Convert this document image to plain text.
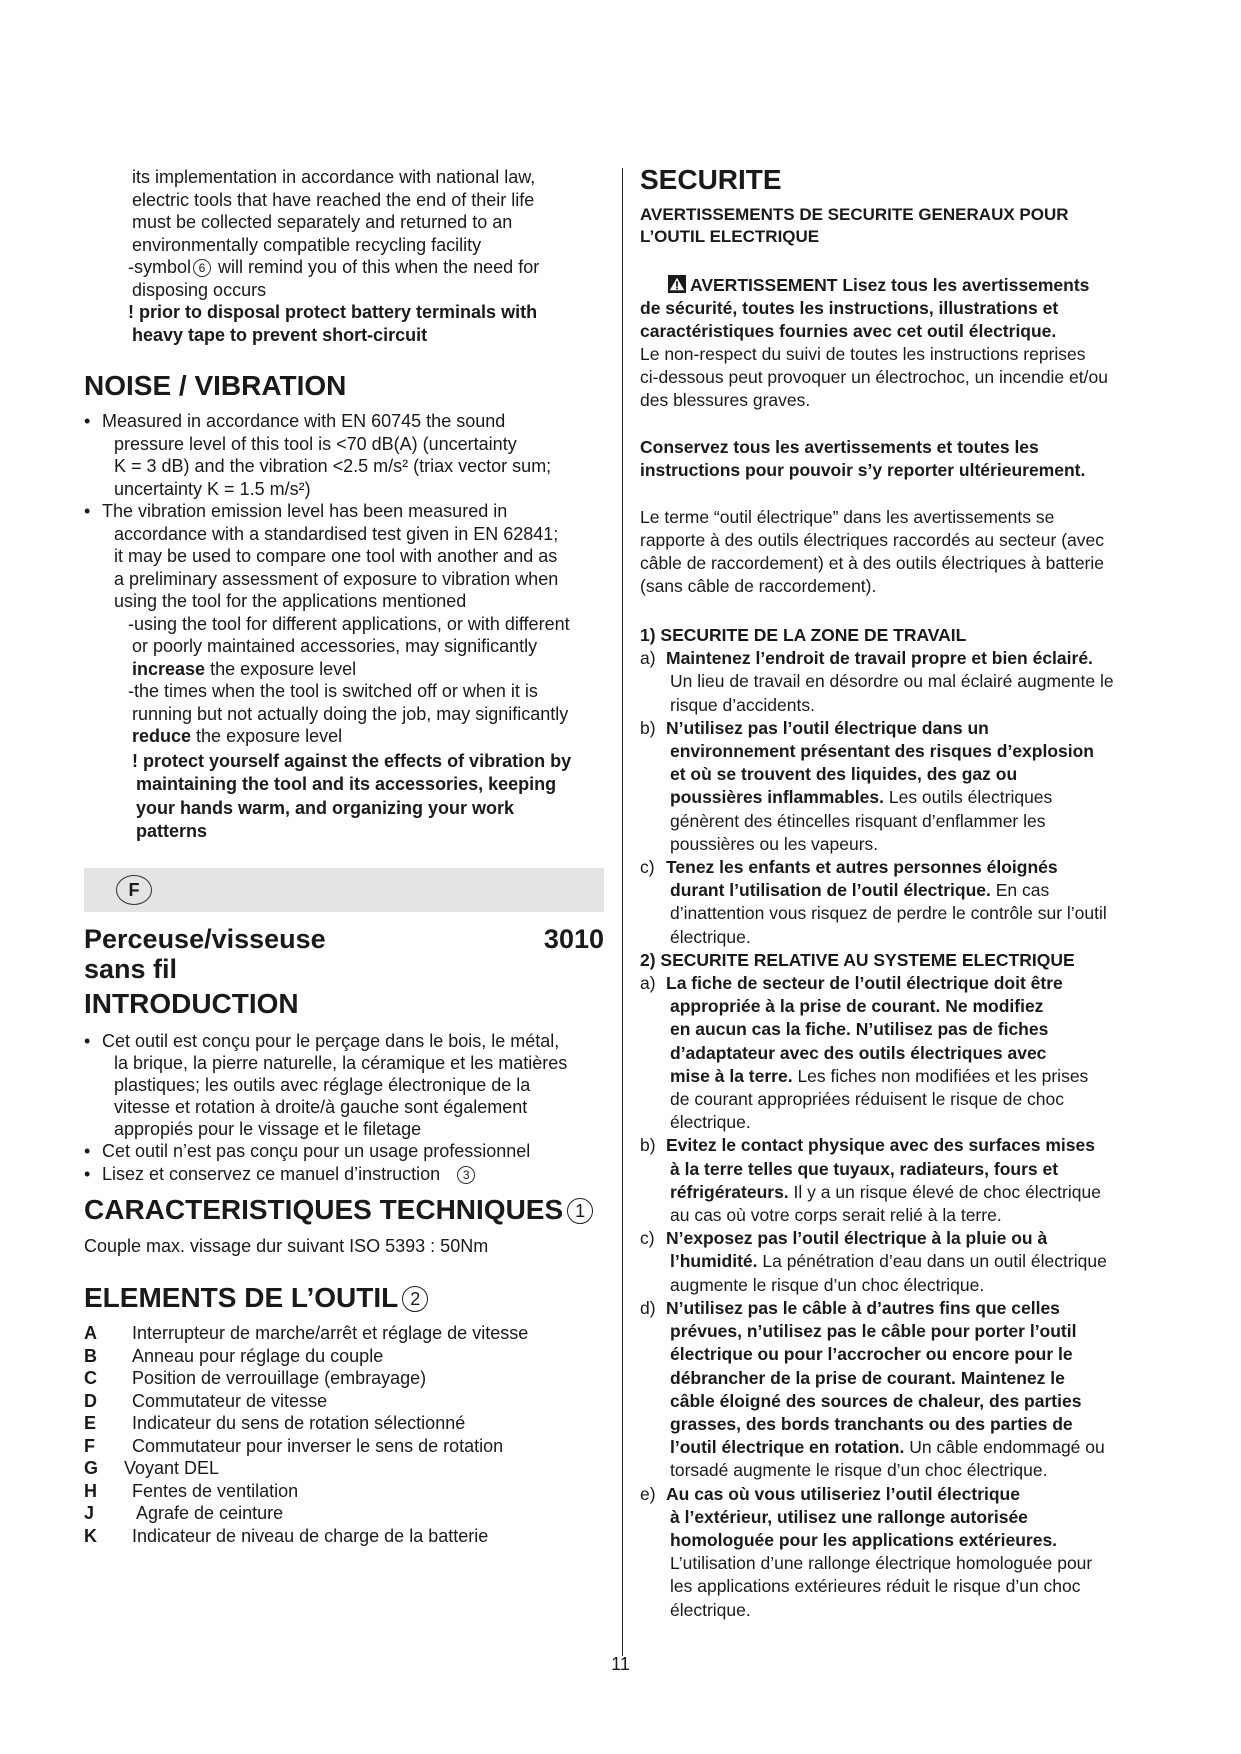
its implementation in accordance with national law,
electric tools that have reached the end of their life
must be collected separately and returned to an
environmentally compatible recycling facility
-symbol 6 will remind you of this when the need for
disposing occurs
! prior to disposal protect battery terminals with
heavy tape to prevent short-circuit
NOISE / VIBRATION
• Measured in accordance with EN 60745 the sound
pressure level of this tool is <70 dB(A) (uncertainty
K = 3 dB) and the vibration <2.5 m/s² (triax vector sum;
uncertainty K = 1.5 m/s²)
• The vibration emission level has been measured in
accordance with a standardised test given in EN 62841;
it may be used to compare one tool with another and as
a preliminary assessment of exposure to vibration when
using the tool for the applications mentioned
-using the tool for different applications, or with different
or poorly maintained accessories, may significantly
increase the exposure level
-the times when the tool is switched off or when it is
running but not actually doing the job, may significantly
reduce the exposure level
! protect yourself against the effects of vibration by
maintaining the tool and its accessories, keeping
your hands warm, and organizing your work
patterns
F
Perceuse/visseuse
sans fil
3010
INTRODUCTION
• Cet outil est conçu pour le perçage dans le bois, le métal,
la brique, la pierre naturelle, la céramique et les matières
plastiques; les outils avec réglage électronique de la
vitesse et rotation à droite/à gauche sont également
appropiés pour le vissage et le filetage
• Cet outil n’est pas conçu pour un usage professionnel
• Lisez et conservez ce manuel d’instruction 3
CARACTERISTIQUES TECHNIQUES 1
Couple max. vissage dur suivant ISO 5393 : 50Nm
ELEMENTS DE L’OUTIL 2
A	Interrupteur de marche/arrêt et réglage de vitesse
B	Anneau pour réglage du couple
C	Position de verrouillage (embrayage)
D	Commutateur de vitesse
E	Indicateur du sens de rotation sélectionné
F	Commutateur pour inverser le sens de rotation
G	Voyant DEL
H	Fentes de ventilation
J	Agrafe de ceinture
K	Indicateur de niveau de charge de la batterie
SECURITE
AVERTISSEMENTS DE SECURITE GENERAUX POUR
L’OUTIL ELECTRIQUE
AVERTISSEMENT Lisez tous les avertissements
de sécurité, toutes les instructions, illustrations et
caractéristiques fournies avec cet outil électrique.
Le non-respect du suivi de toutes les instructions reprises
ci-dessous peut provoquer un électrochoc, un incendie et/ou
des blessures graves.
Conservez tous les avertissements et toutes les
instructions pour pouvoir s’y reporter ultérieurement.
Le terme “outil électrique” dans les avertissements se
rapporte à des outils électriques raccordés au secteur (avec
câble de raccordement) et à des outils électriques à batterie
(sans câble de raccordement).
1) SECURITE DE LA ZONE DE TRAVAIL
a) Maintenez l’endroit de travail propre et bien éclairé.
Un lieu de travail en désordre ou mal éclairé augmente le
risque d’accidents.
b) N’utilisez pas l’outil électrique dans un
environnement présentant des risques d’explosion
et où se trouvent des liquides, des gaz ou
poussières inflammables. Les outils électriques
génèrent des étincelles risquant d’enflammer les
poussières ou les vapeurs.
c) Tenez les enfants et autres personnes éloignés
durant l’utilisation de l’outil électrique. En cas
d’inattention vous risquez de perdre le contrôle sur l’outil
électrique.
2) SECURITE RELATIVE AU SYSTEME ELECTRIQUE
a) La fiche de secteur de l’outil électrique doit être
appropriée à la prise de courant. Ne modifiez
en aucun cas la fiche. N’utilisez pas de fiches
d’adaptateur avec des outils électriques avec
mise à la terre. Les fiches non modifiées et les prises
de courant appropriées réduisent le risque de choc
électrique.
b) Evitez le contact physique avec des surfaces mises
à la terre telles que tuyaux, radiateurs, fours et
réfrigérateurs. Il y a un risque élevé de choc électrique
au cas où votre corps serait relié à la terre.
c) N’exposez pas l’outil électrique à la pluie ou à
l’humidité. La pénétration d’eau dans un outil électrique
augmente le risque d’un choc électrique.
d) N’utilisez pas le câble à d’autres fins que celles
prévues, n’utilisez pas le câble pour porter l’outil
électrique ou pour l’accrocher ou encore pour le
débrancher de la prise de courant. Maintenez le
câble éloigné des sources de chaleur, des parties
grasses, des bords tranchants ou des parties de
l’outil électrique en rotation. Un câble endommagé ou
torsadé augmente le risque d’un choc électrique.
e) Au cas où vous utiliseriez l’outil électrique
à l’extérieur, utilisez une rallonge autorisée
homologuée pour les applications extérieures.
L’utilisation d’une rallonge électrique homologuée pour
les applications extérieures réduit le risque d’un choc
électrique.
11
